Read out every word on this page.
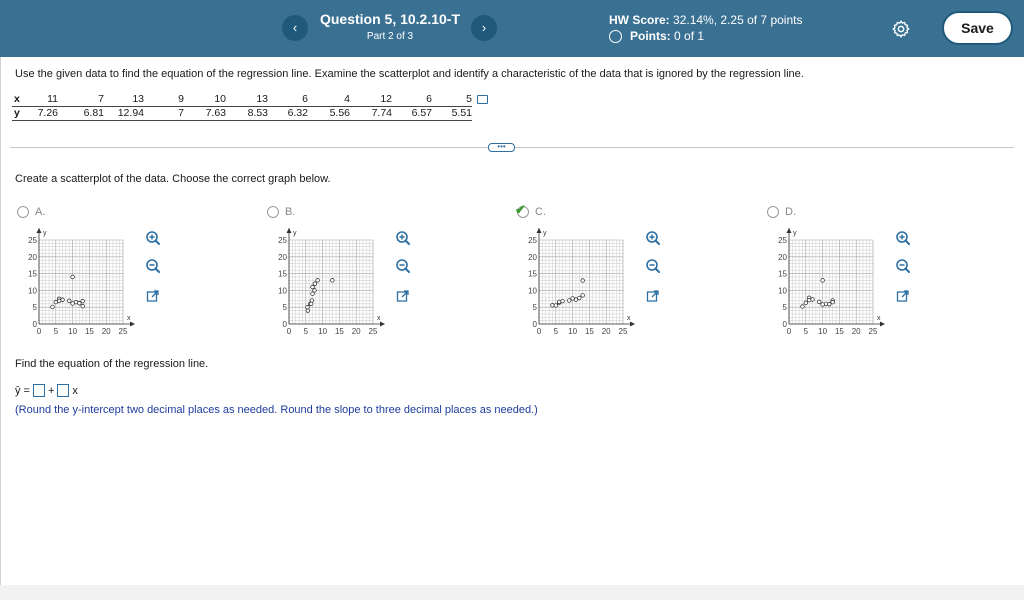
‹
Question 5, 10.2.10-T
Part 2 of 3
›	HW Score: 32.14%, 2.25 of 7 points
Points:
0 of 1	Save
Use the given data to find the equation of the regression line. Examine the scatterplot and identify a characteristic of the data that is ignored by the regression line.
x	11	7	13	9	10	13	6	4	12	6	5
y	7.26	6.81	12.94	7	7.63	8.53	6.32	5.56	7.74	6.57	5.51
•••
Create a scatterplot of the data. Choose the correct graph below.
A.
y
x
25
20
15
10
5
0
0 5 10 15 20 25
B.
y
x
25
20
15
10
5
0
0 5 10 15 20 25
✔ C.
y
x
25
20
15
10
5
0
0 5 10 15 20 25
D.
y
x
25
20
15
10
5
0
0 5 10 15 20 25
Find the equation of the regression line.
ŷ = + x
(Round the y-intercept two decimal places as needed. Round the slope to three decimal places as needed.)
